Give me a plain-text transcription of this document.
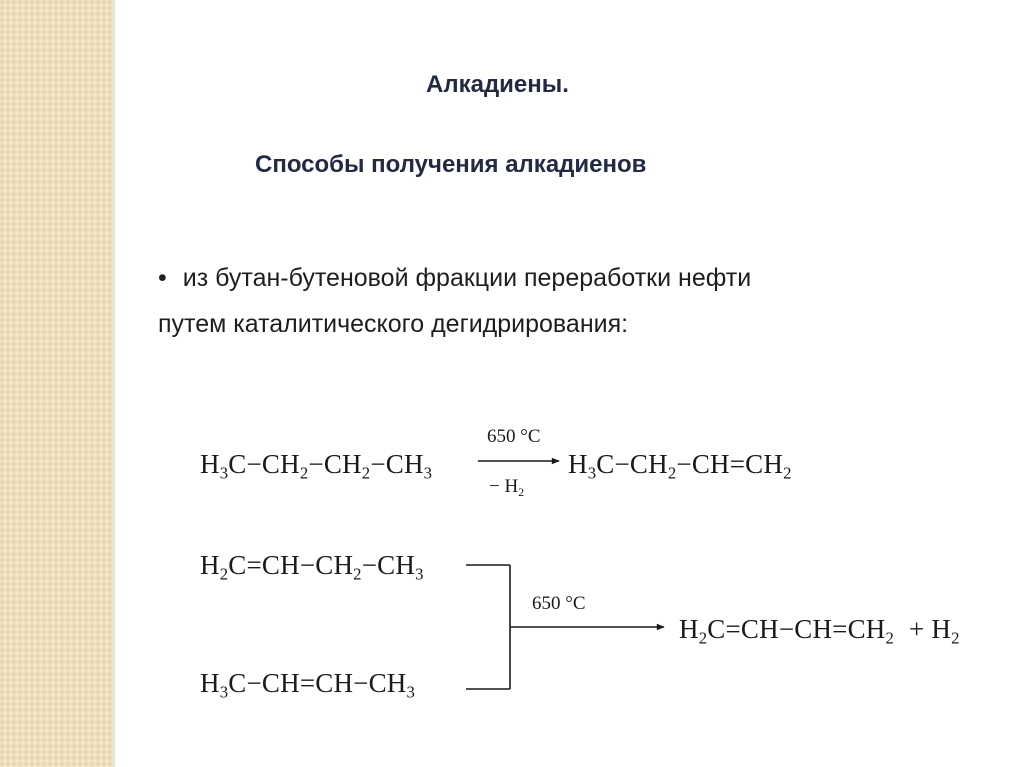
Алкадиены.
Способы получения алкадиенов
• из бутан-бутеновой фракции переработки нефти
путем каталитического дегидрирования:
$H_3C-CH_2-CH_2-CH_3$
650 °C
− $H_2$
$H_3C-CH_2-CH=CH_2$
$H_2C=CH-CH_2-CH_3$
$H_3C-CH=CH-CH_3$
650 °C
$H_2C=CH-CH=CH_2 + H_2$
